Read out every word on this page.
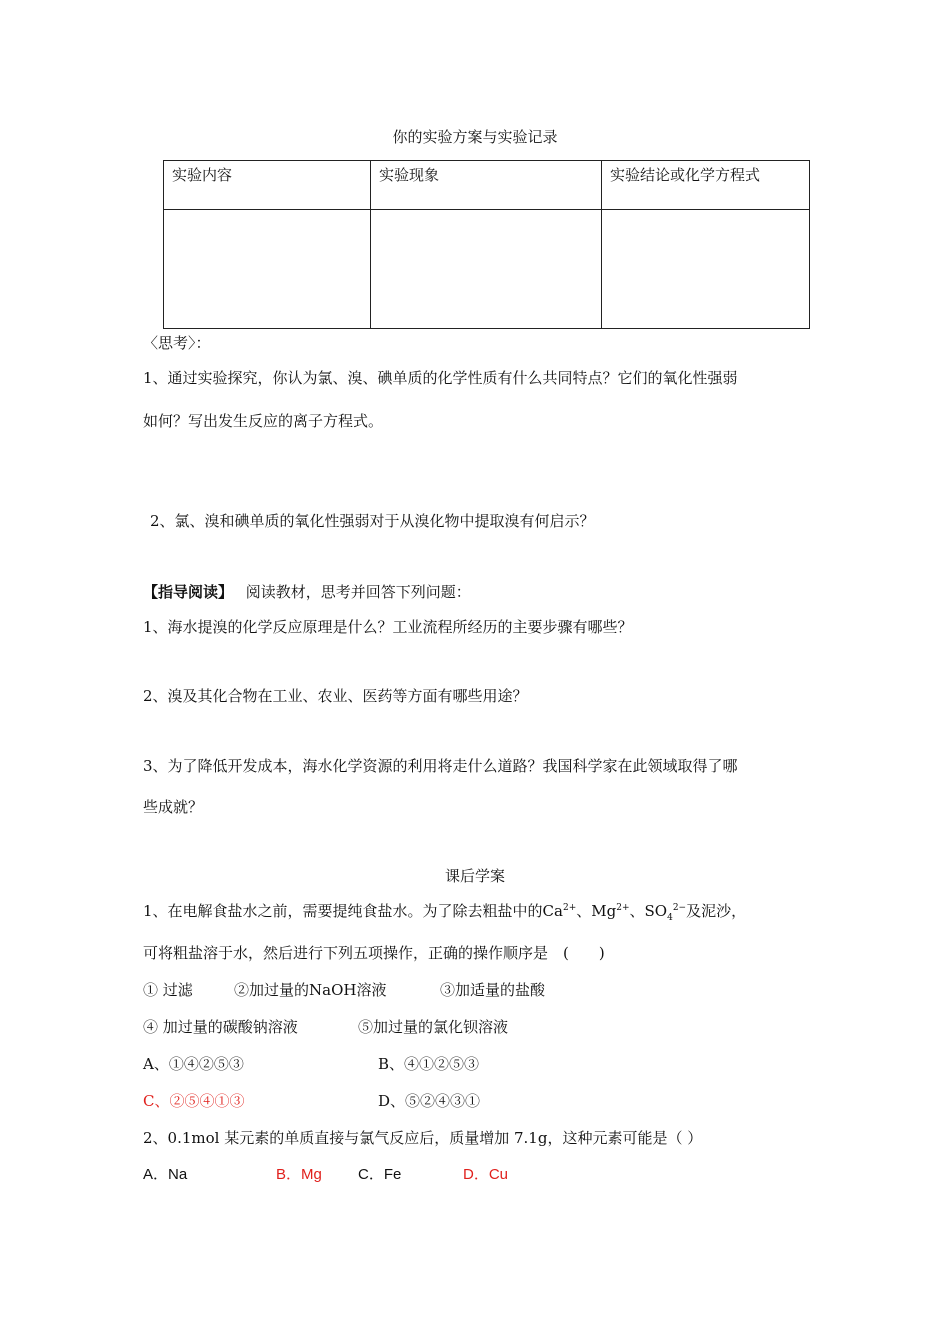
你的实验方案与实验记录
实验内容	实验现象	实验结论或化学方程式

〈思考〉：
1、通过实验探究，你认为氯、溴、碘单质的化学性质有什么共同特点？它们的氧化性强弱
如何？写出发生反应的离子方程式。
2、氯、溴和碘单质的氧化性强弱对于从溴化物中提取溴有何启示？
【指导阅读】 阅读教材，思考并回答下列问题：
1、海水提溴的化学反应原理是什么？工业流程所经历的主要步骤有哪些？
2、溴及其化合物在工业、农业、医药等方面有哪些用途？
3、为了降低开发成本，海水化学资源的利用将走什么道路？我国科学家在此领域取得了哪
些成就？
课后学案
1、在电解食盐水之前，需要提纯食盐水。为了除去粗盐中的$Ca^{2+}$、$Mg^{2+}$、$SO_4^{2-}$及泥沙，
可将粗盐溶于水，然后进行下列五项操作，正确的操作顺序是　(　　)
① 过滤	②加过量的NaOH溶液	③加适量的盐酸
④ 加过量的碳酸钠溶液	⑤加过量的氯化钡溶液
A、①④②⑤③	B、④①②⑤③
C、②⑤④①③	D、⑤②④③①
2、0.1mol 某元素的单质直接与氯气反应后，质量增加 7.1g，这种元素可能是（ ）
A．Na	B．Mg C．Fe	D．Cu
